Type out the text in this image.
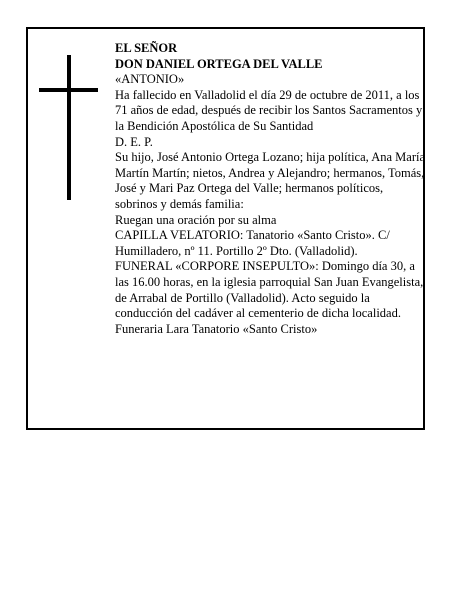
EL SEÑOR

DON DANIEL ORTEGA DEL VALLE

«ANTONIO»

Ha fallecido en Valladolid el día 29 de octubre de 2011, a los 71 años de edad, después de recibir los Santos Sacramentos y la Bendición Apostólica de Su Santidad

D. E. P.

Su hijo, José Antonio Ortega Lozano; hija política, Ana María Martín Martín; nietos, Andrea y Alejandro; hermanos, Tomás, José y Mari Paz Ortega del Valle; hermanos políticos, sobrinos y demás familia:

Ruegan una oración por su alma

CAPILLA VELATORIO: Tanatorio «Santo Cristo». C/ Humilladero, nº 11. Portillo 2º Dto. (Valladolid).

FUNERAL «CORPORE INSEPULTO»: Domingo día 30, a las 16.00 horas, en la iglesia parroquial San Juan Evangelista, de Arrabal de Portillo (Valladolid). Acto seguido la conducción del cadáver al cementerio de dicha localidad.

Funeraria Lara Tanatorio «Santo Cristo»
